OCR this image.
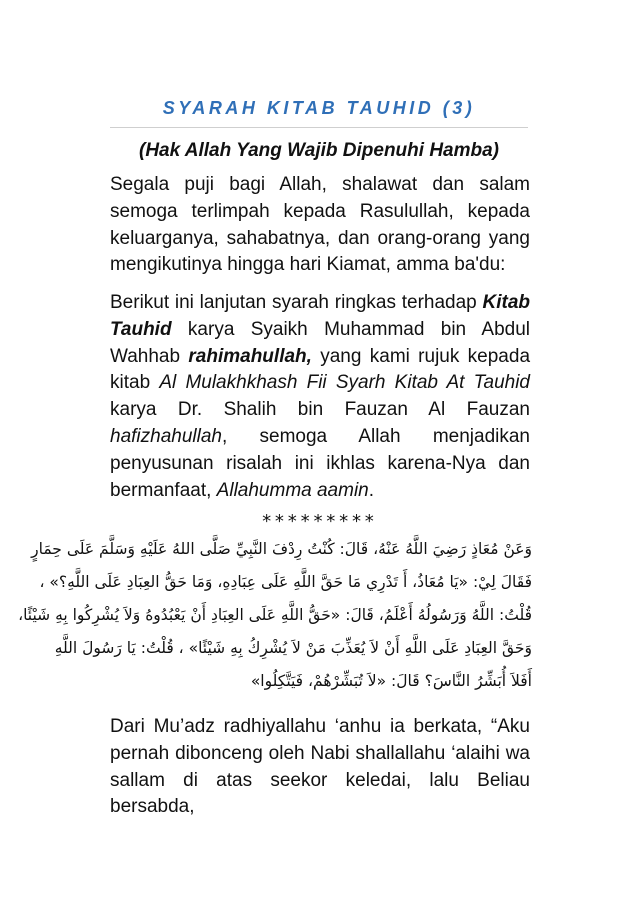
SYARAH KITAB TAUHID (3)
(Hak Allah Yang Wajib Dipenuhi Hamba)

Segala puji bagi Allah, shalawat dan salam semoga terlimpah kepada Rasulullah, kepada keluarganya, sahabatnya, dan orang-orang yang mengikutinya hingga hari Kiamat, amma ba'du:

Berikut ini lanjutan syarah ringkas terhadap Kitab Tauhid karya Syaikh Muhammad bin Abdul Wahhab rahimahullah, yang kami rujuk kepada kitab Al Mulakhkhash Fii Syarh Kitab At Tauhid karya Dr. Shalih bin Fauzan Al Fauzan hafizhahullah, semoga Allah menjadikan penyusunan risalah ini ikhlas karena-Nya dan bermanfaat, Allahumma aamin.

*********

وَعَنْ مُعَاذٍ رَضِيَ اللَّهُ عَنْهُ، قَالَ: كُنْتُ رِدْفَ النَّبِيِّ صَلَّى اللهُ عَلَيْهِ وَسَلَّمَ عَلَى حِمَارٍ

فَقَالَ لِيْ: «يَا مُعَاذُ، أَ تَدْرِي مَا حَقَّ اللَّهِ عَلَى عِبَادِهِ، وَمَا حَقُّ العِبَادِ عَلَى اللَّهِ؟» ،

قُلْتُ: اللَّهُ وَرَسُولُهُ أَعْلَمُ، قَالَ: «حَقُّ اللَّهِ عَلَى العِبَادِ أَنْ يَعْبُدُوهُ وَلاَ يُشْرِكُوا بِهِ شَيْئًا،

وَحَقَّ العِبَادِ عَلَى اللَّهِ أَنْ لاَ يُعَذِّبَ مَنْ لاَ يُشْرِكُ بِهِ شَيْئًا» ، قُلْتُ: يَا رَسُولَ اللَّهِ

أَفَلاَ أُبَشِّرُ النَّاسَ؟ قَالَ: «لاَ تُبَشِّرْهُمْ، فَيَتَّكِلُوا»

Dari Mu’adz radhiyallahu ‘anhu ia berkata, “Aku pernah dibonceng oleh Nabi shallallahu ‘alaihi wa sallam di atas seekor keledai, lalu Beliau bersabda,
